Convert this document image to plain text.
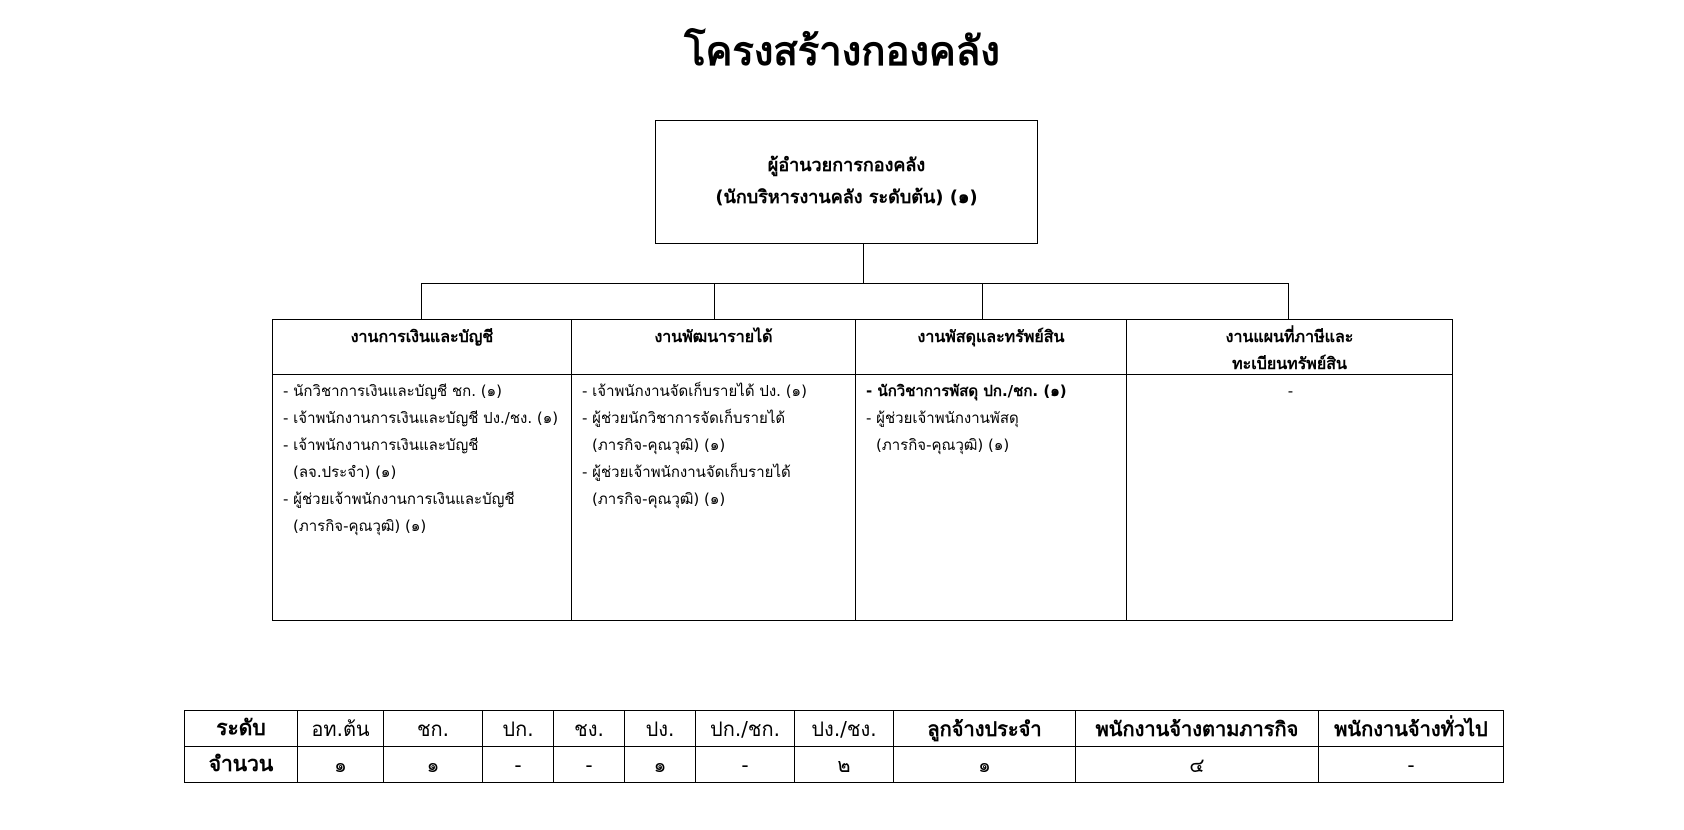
โครงสร้างกองคลัง
ผู้อำนวยการกองคลัง
(นักบริหารงานคลัง ระดับต้น) (๑)
งานการเงินและบัญชี
- นักวิชาการเงินและบัญชี ชก. (๑)
- เจ้าพนักงานการเงินและบัญชี ปง./ชง. (๑)
- เจ้าพนักงานการเงินและบัญชี
(ลจ.ประจำ) (๑)
- ผู้ช่วยเจ้าพนักงานการเงินและบัญชี
(ภารกิจ-คุณวุฒิ) (๑)
งานพัฒนารายได้
- เจ้าพนักงานจัดเก็บรายได้ ปง. (๑)
- ผู้ช่วยนักวิชาการจัดเก็บรายได้
(ภารกิจ-คุณวุฒิ) (๑)
- ผู้ช่วยเจ้าพนักงานจัดเก็บรายได้
(ภารกิจ-คุณวุฒิ) (๑)
งานพัสดุและทรัพย์สิน
- นักวิชาการพัสดุ ปก./ชก. (๑)
- ผู้ช่วยเจ้าพนักงานพัสดุ
(ภารกิจ-คุณวุฒิ) (๑)
งานแผนที่ภาษีและ
ทะเบียนทรัพย์สิน
-
ระดับ	อท.ต้น	ชก.	ปก.	ชง.	ปง.	ปก./ชก.	ปง./ชง.	ลูกจ้างประจำ	พนักงานจ้างตามภารกิจ	พนักงานจ้างทั่วไป
จำนวน	๑	๑	-	-	๑	-	๒	๑	๔	-
